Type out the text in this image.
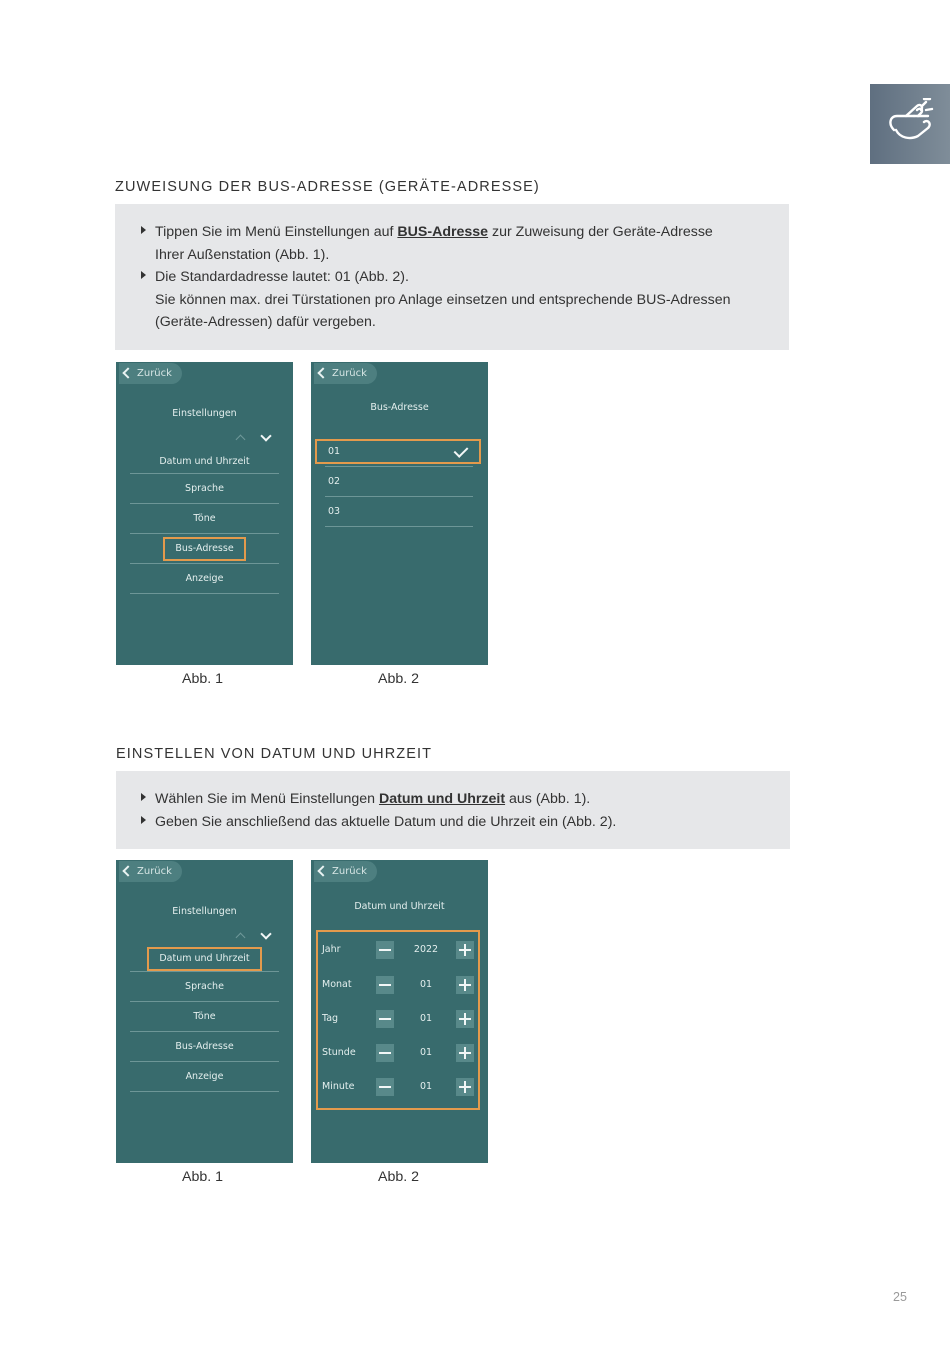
ZUWEISUNG DER BUS-ADRESSE (GERÄTE-ADRESSE)
Tippen Sie im Menü Einstellungen auf BUS-Adresse zur Zuweisung der Geräte-Adresse
Ihrer Außenstation (Abb. 1).
Die Standardadresse lautet: 01 (Abb. 2).
Sie können max. drei Türstationen pro Anlage einsetzen und entsprechende BUS-Adressen
(Geräte-Adressen) dafür vergeben.
Zurück
Einstellungen
Datum und Uhrzeit
Sprache
Töne
Bus-Adresse
Anzeige
Abb. 1
Zurück
Bus-Adresse
01
02
03
Abb. 2
EINSTELLEN VON DATUM UND UHRZEIT
Wählen Sie im Menü Einstellungen Datum und Uhrzeit aus (Abb. 1).
Geben Sie anschließend das aktuelle Datum und die Uhrzeit ein (Abb. 2).
Zurück
Einstellungen
Datum und Uhrzeit
Sprache
Töne
Bus-Adresse
Anzeige
Abb. 1
Zurück
Datum und Uhrzeit
Jahr	2022
Monat	01
Tag	01
Stunde	01
Minute	01
Abb. 2
25
